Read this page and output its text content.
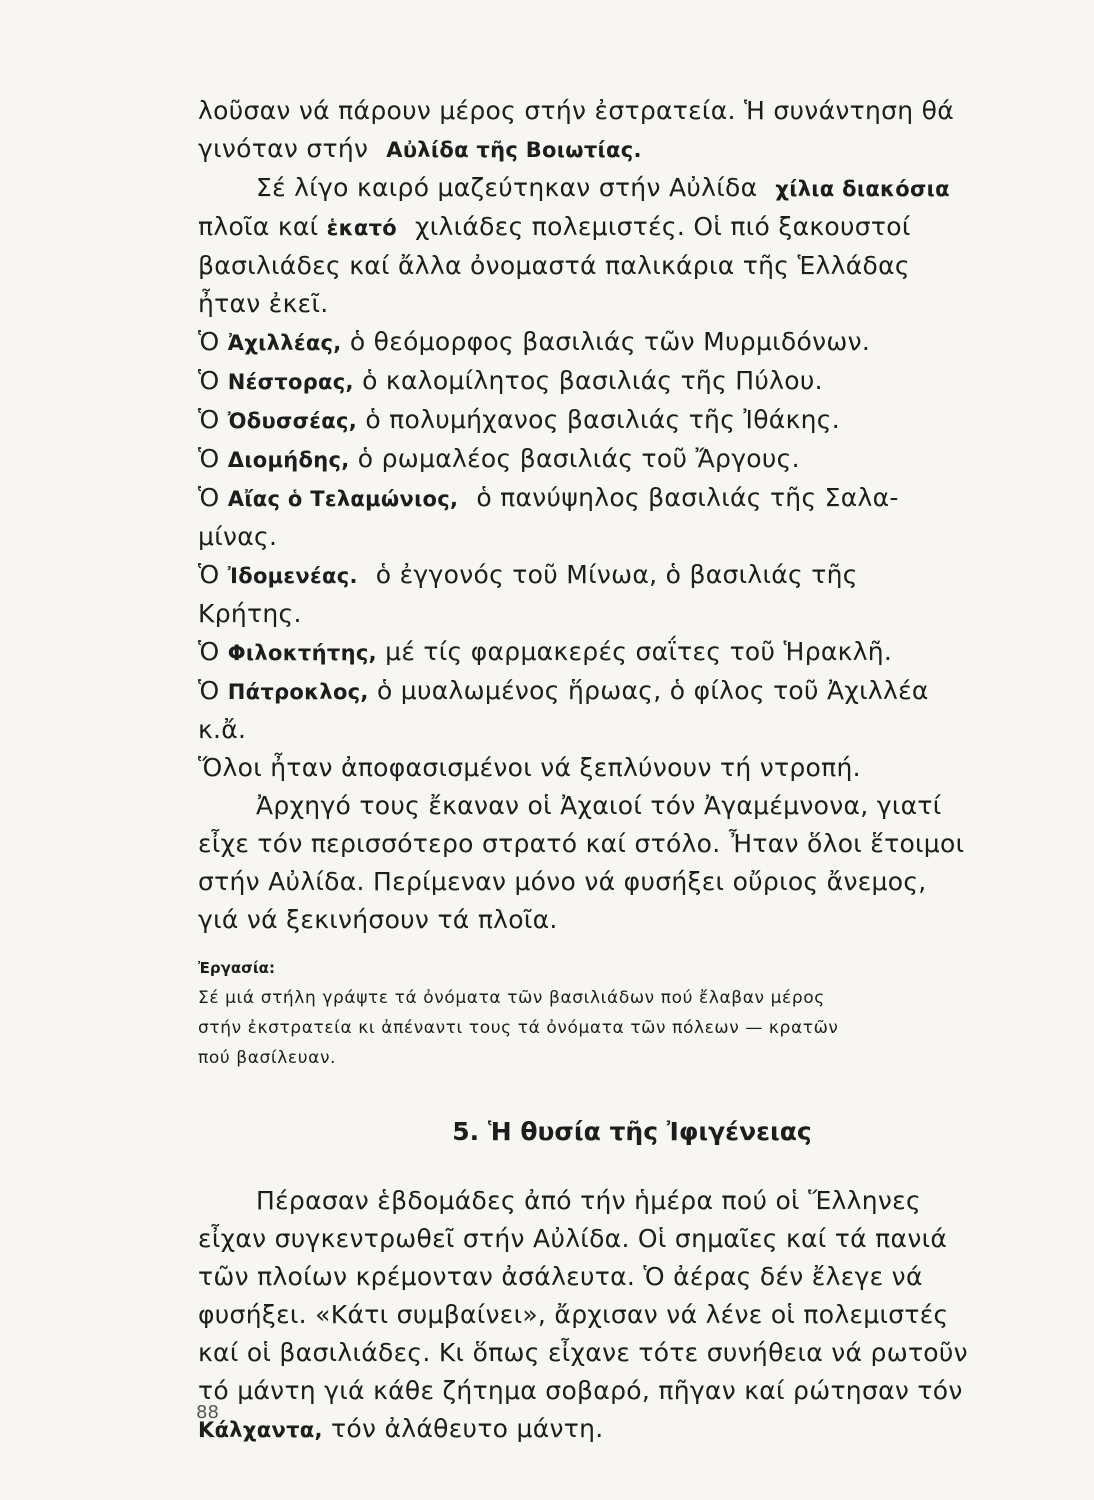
λοῦσαν νά πάρουν μέρος στήν ἐστρατεία. Ἡ συνάντηση θά
γινόταν στήν Αὐλίδα τῆς Βοιωτίας.
Σέ λίγο καιρό μαζεύτηκαν στήν Αὐλίδα χίλια διακόσια
πλοῖα καί ἑκατό χιλιάδες πολεμιστές. Οἱ πιό ξακουστοί
βασιλιάδες καί ἄλλα ὀνομαστά παλικάρια τῆς Ἑλλάδας
ἦταν ἐκεῖ.
Ὁ Ἀχιλλέας, ὁ θεόμορφος βασιλιάς τῶν Μυρμιδόνων.
Ὁ Νέστορας, ὁ καλομίλητος βασιλιάς τῆς Πύλου.
Ὁ Ὀδυσσέας, ὁ πολυμήχανος βασιλιάς τῆς Ἰθάκης.
Ὁ Διομήδης, ὁ ρωμαλέος βασιλιάς τοῦ Ἄργους.
Ὁ Αἴας ὁ Τελαμώνιος, ὁ πανύψηλος βασιλιάς τῆς Σαλα-
μίνας.
Ὁ Ἰδομενέας. ὁ ἐγγονός τοῦ Μίνωα, ὁ βασιλιάς τῆς
Κρήτης.
Ὁ Φιλοκτήτης, μέ τίς φαρμακερές σαΐτες τοῦ Ἡρακλῆ.
Ὁ Πάτροκλος, ὁ μυαλωμένος ἥρωας, ὁ φίλος τοῦ Ἀχιλλέα
κ.ἄ.
Ὅλοι ἦταν ἀποφασισμένοι νά ξεπλύνουν τή ντροπή.
Ἀρχηγό τους ἔκαναν οἱ Ἀχαιοί τόν Ἀγαμέμνονα, γιατί
εἶχε τόν περισσότερο στρατό καί στόλο. Ἦταν ὅλοι ἕτοιμοι
στήν Αὐλίδα. Περίμεναν μόνο νά φυσήξει οὔριος ἄνεμος,
γιά νά ξεκινήσουν τά πλοῖα.
Ἐργασία:
Σέ μιά στήλη γράψτε τά ὀνόματα τῶν βασιλιάδων πού ἔλαβαν μέρος
στήν ἐκστρατεία κι ἀπέναντι τους τά ὀνόματα τῶν πόλεων — κρατῶν
πού βασίλευαν.
5. Ἡ θυσία τῆς Ἰφιγένειας
Πέρασαν ἑβδομάδες ἀπό τήν ἡμέρα πού οἱ Ἕλληνες
εἶχαν συγκεντρωθεῖ στήν Αὐλίδα. Οἱ σημαῖες καί τά πανιά
τῶν πλοίων κρέμονταν ἀσάλευτα. Ὁ ἀέρας δέν ἔλεγε νά
φυσήξει. «Κάτι συμβαίνει», ἄρχισαν νά λένε οἱ πολεμιστές
καί οἱ βασιλιάδες. Κι ὅπως εἶχανε τότε συνήθεια νά ρωτοῦν
τό μάντη γιά κάθε ζήτημα σοβαρό, πῆγαν καί ρώτησαν τόν
Κάλχαντα, τόν ἀλάθευτο μάντη.
88
